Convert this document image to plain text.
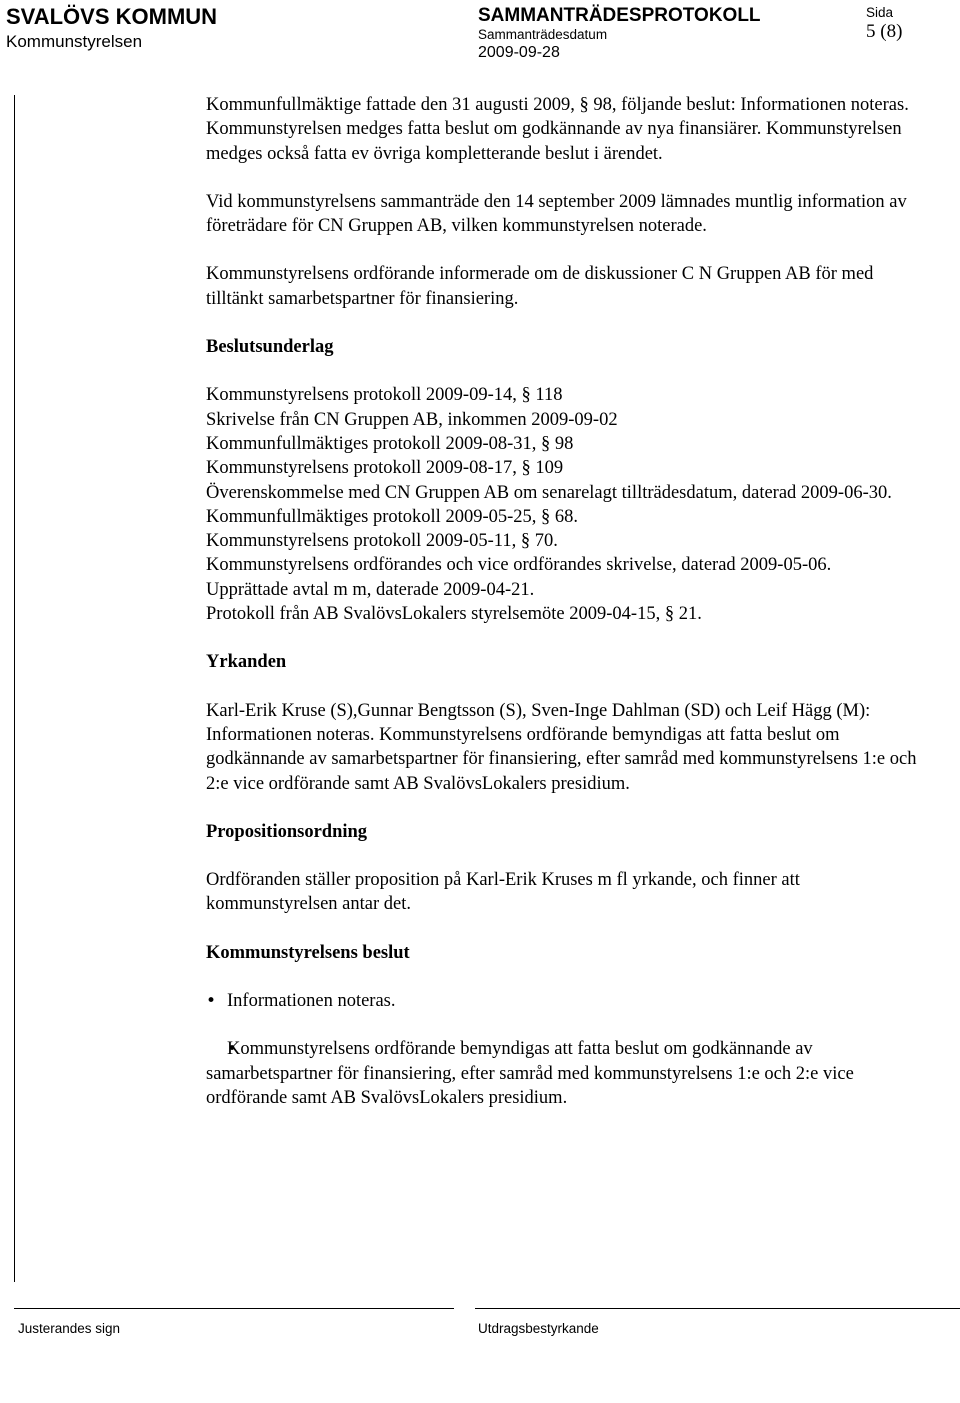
SVALÖVS KOMMUN
Kommunstyrelsen
SAMMANTRÄDESPROTOKOLL
Sammanträdesdatum
2009-09-28
Sida
5 (8)

Kommunfullmäktige fattade den 31 augusti 2009, § 98, följande beslut: Informationen noteras. Kommunstyrelsen medges fatta beslut om godkännande av nya finansiärer. Kommunstyrelsen medges också fatta ev övriga kompletterande beslut i ärendet.

Vid kommunstyrelsens sammanträde den 14 september 2009 lämnades muntlig information av företrädare för CN Gruppen AB, vilken kommunstyrelsen noterade.

Kommunstyrelsens ordförande informerade om de diskussioner C N Gruppen AB för med tilltänkt samarbetspartner för finansiering.

Beslutsunderlag

Kommunstyrelsens protokoll 2009-09-14, § 118

Skrivelse från CN Gruppen AB, inkommen 2009-09-02

Kommunfullmäktiges protokoll 2009-08-31, § 98

Kommunstyrelsens protokoll 2009-08-17, § 109

Överenskommelse med CN Gruppen AB om senarelagt tillträdesdatum, daterad 2009-06-30.

Kommunfullmäktiges protokoll 2009-05-25, § 68.

Kommunstyrelsens protokoll 2009-05-11, § 70.

Kommunstyrelsens ordförandes och vice ordförandes skrivelse, daterad 2009-05-06.

Upprättade avtal m m, daterade 2009-04-21.

Protokoll från AB SvalövsLokalers styrelsemöte 2009-04-15, § 21.

Yrkanden

Karl-Erik Kruse (S),Gunnar Bengtsson (S), Sven-Inge Dahlman (SD) och Leif Hägg (M): Informationen noteras. Kommunstyrelsens ordförande bemyndigas att fatta beslut om godkännande av samarbetspartner för finansiering, efter samråd med kommunstyrelsens 1:e och 2:e vice ordförande samt AB SvalövsLokalers presidium.

Propositionsordning

Ordföranden ställer proposition på Karl-Erik Kruses m fl yrkande, och finner att kommunstyrelsen antar det.

Kommunstyrelsens beslut

• Informationen noteras.

• Kommunstyrelsens ordförande bemyndigas att fatta beslut om godkännande av samarbetspartner för finansiering, efter samråd med kommunstyrelsens 1:e och 2:e vice ordförande samt AB SvalövsLokalers presidium.

Justerandes sign	Utdragsbestyrkande
